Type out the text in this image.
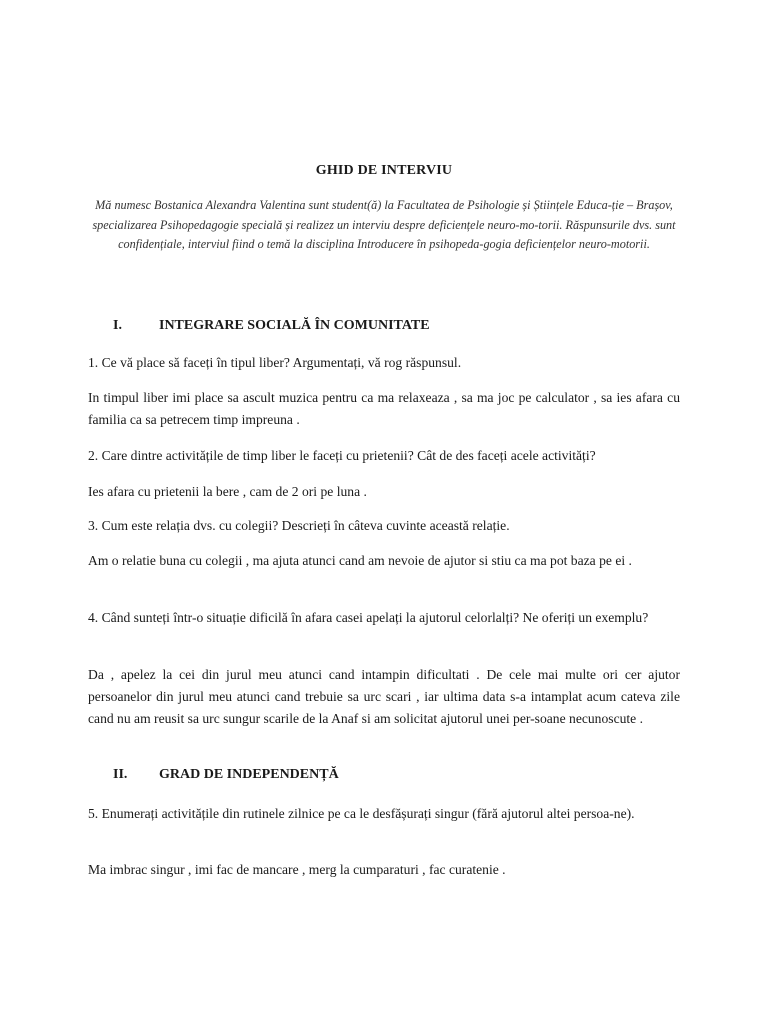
GHID DE INTERVIU
Mă numesc Bostanica Alexandra Valentina sunt student(ă) la Facultatea de Psihologie și Științele Educa-ție – Brașov, specializarea Psihopedagogie specială și realizez un interviu despre deficiențele neuro-mo-torii. Răspunsurile dvs. sunt confidențiale, interviul fiind o temă la disciplina Introducere în psihopeda-gogia deficiențelor neuro-motorii.
I.	INTEGRARE SOCIALĂ ÎN COMUNITATE
1. Ce vă place să faceți în tipul liber? Argumentați, vă rog răspunsul.
In timpul liber imi place sa ascult muzica pentru ca ma relaxeaza , sa ma joc pe calculator , sa ies afara cu familia ca sa petrecem timp impreuna .
2. Care dintre activitățile de timp liber le faceți cu prietenii? Cât de des faceți acele activități?
Ies afara cu prietenii la bere , cam de 2 ori pe luna .
3. Cum este relația dvs. cu colegii? Descrieți în câteva cuvinte această relație.
Am o relatie buna cu colegii , ma ajuta atunci cand am nevoie de ajutor si stiu ca ma pot baza pe ei .
4. Când sunteți într-o situație dificilă în afara casei apelați la ajutorul celorlalți? Ne oferiți un exemplu?
Da , apelez la cei din jurul meu atunci cand intampin dificultati . De cele mai multe ori cer ajutor persoanelor din jurul meu atunci cand trebuie sa urc scari , iar ultima data s-a intamplat acum cateva zile cand nu am reusit sa urc sungur scarile de la Anaf si am solicitat ajutorul unei per-soane necunoscute .
II. GRAD DE INDEPENDENȚĂ
5. Enumerați activitățile din rutinele zilnice pe ca le desfășurați singur (fără ajutorul altei persoa-ne).
Ma imbrac singur , imi fac de mancare , merg la cumparaturi , fac curatenie .
